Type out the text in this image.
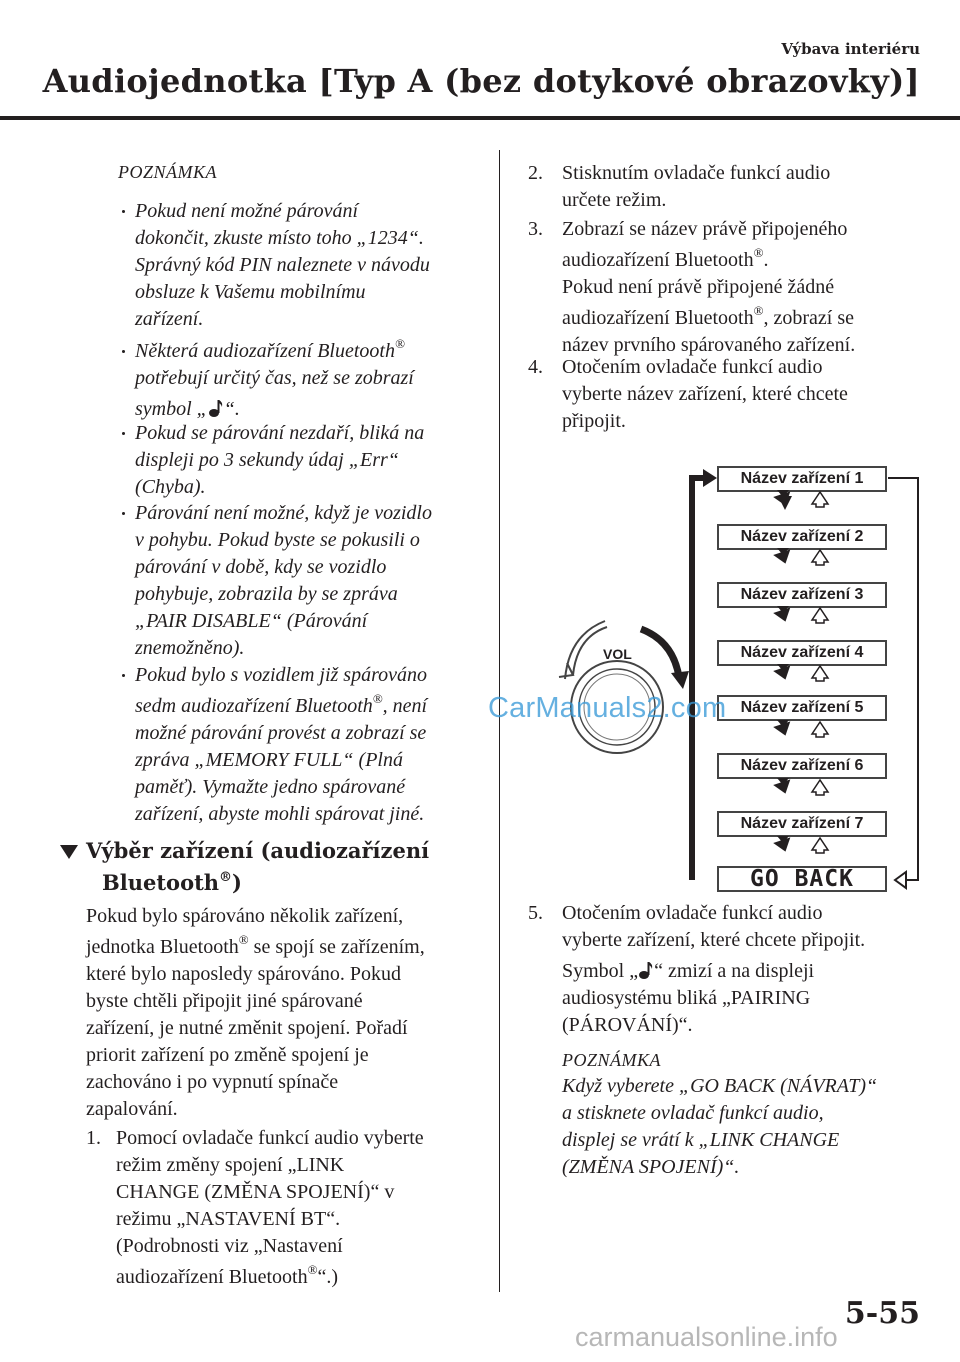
Výbava interiéru
Audiojednotka [Typ A (bez dotykové obrazovky)]
POZNÁMKA
Pokud není možné párování
dokončit, zkuste místo toho „1234“.
Správný kód PIN naleznete v návodu
obsluze k Vašemu mobilnímu
zařízení.
Některá audiozařízení Bluetooth®
potřebují určitý čas, než se zobrazí
symbol „ “.
Pokud se párování nezdaří, bliká na
displeji po 3 sekundy údaj „Err“
(Chyba).
Párování není možné, když je vozidlo
v pohybu. Pokud byste se pokusili o
párování v době, kdy se vozidlo
pohybuje, zobrazila by se zpráva
„PAIR DISABLE“ (Párování
znemožněno).
Pokud bylo s vozidlem již spárováno
sedm audiozařízení Bluetooth®, není
možné párování provést a zobrazí se
zpráva „MEMORY FULL“ (Plná
paměť). Vymažte jedno spárované
zařízení, abyste mohli spárovat jiné.
Výběr zařízení (audiozařízení
Bluetooth®)
Pokud bylo spárováno několik zařízení,
jednotka Bluetooth® se spojí se zařízením,
které bylo naposledy spárováno. Pokud
byste chtěli připojit jiné spárované
zařízení, je nutné změnit spojení. Pořadí
priorit zařízení po změně spojení je
zachováno i po vypnutí spínače
zapalování.
1. Pomocí ovladače funkcí audio vyberte
režim změny spojení „LINK
CHANGE (ZMĚNA SPOJENÍ)“ v
režimu „NASTAVENÍ BT“.
(Podrobnosti viz „Nastavení
audiozařízení Bluetooth®“.)
2. Stisknutím ovladače funkcí audio
určete režim.
3. Zobrazí se název právě připojeného
audiozařízení Bluetooth®.
Pokud není právě připojené žádné
audiozařízení Bluetooth®, zobrazí se
název prvního spárovaného zařízení.
4. Otočením ovladače funkcí audio
vyberte název zařízení, které chcete
připojit.
VOL
Název zařízení 1
Název zařízení 2
Název zařízení 3
Název zařízení 4
Název zařízení 5
Název zařízení 6
Název zařízení 7
GO BACK
CarManuals2.com
5. Otočením ovladače funkcí audio
vyberte zařízení, které chcete připojit.
Symbol „ “ zmizí a na displeji
audiosystému bliká „PAIRING
(PÁROVÁNÍ)“.
POZNÁMKA
Když vyberete „GO BACK (NÁVRAT)“
a stisknete ovladač funkcí audio,
displej se vrátí k „LINK CHANGE
(ZMĚNA SPOJENÍ)“.
5-55
carmanualsonline.info
